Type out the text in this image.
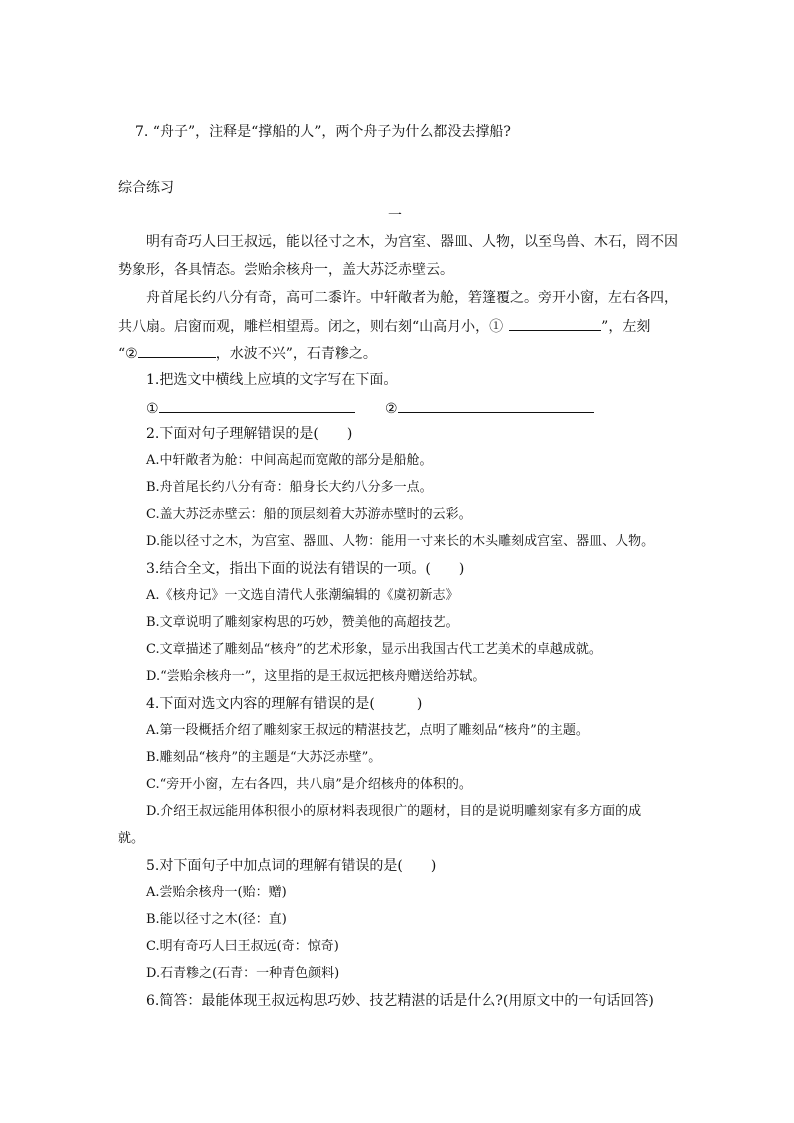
7. “舟子”，注释是“撑船的人”，两个舟子为什么都没去撑船?
综合练习
一
明有奇巧人曰王叔远，能以径寸之木，为宫室、器皿、人物，以至鸟兽、木石，罔不因
势象形，各具情态。尝贻余核舟一，盖大苏泛赤壁云。
舟首尾长约八分有奇，高可二黍许。中轩敞者为舱，箬篷覆之。旁开小窗，左右各四，
共八扇。启窗而观，雕栏相望焉。闭之，则右刻“山高月小，①	”，左刻
“②	，水波不兴”，石青糁之。
1.把选文中横线上应填的文字写在下面。
①	②
2.下面对句子理解错误的是(　　)
A.中轩敞者为舱：中间高起而宽敞的部分是船舱。
B.舟首尾长约八分有奇：船身长大约八分多一点。
C.盖大苏泛赤壁云：船的顶层刻着大苏游赤壁时的云彩。
D.能以径寸之木，为宫室、器皿、人物：能用一寸来长的木头雕刻成宫室、器皿、人物。
3.结合全文，指出下面的说法有错误的一项。(　　)
A.《核舟记》一文选自清代人张潮编辑的《虞初新志》
B.文章说明了雕刻家构思的巧妙，赞美他的高超技艺。
C.文章描述了雕刻品“核舟”的艺术形象，显示出我国古代工艺美术的卓越成就。
D.“尝贻余核舟一”，这里指的是王叔远把核舟赠送给苏轼。
4.下面对选文内容的理解有错误的是(　　　)
A.第一段概括介绍了雕刻家王叔远的精湛技艺，点明了雕刻品“核舟”的主题。
B.雕刻品“核舟”的主题是“大苏泛赤壁”。
C.“旁开小窗，左右各四，共八扇”是介绍核舟的体积的。
D.介绍王叔远能用体积很小的原材料表现很广的题材，目的是说明雕刻家有多方面的成
就。
5.对下面句子中加点词的理解有错误的是(　　)
A.尝贻余核舟一(贻：赠)
B.能以径寸之木(径：直)
C.明有奇巧人曰王叔远(奇：惊奇)
D.石青糁之(石青：一种青色颜料)
6.简答：最能体现王叔远构思巧妙、技艺精湛的话是什么?(用原文中的一句话回答)
